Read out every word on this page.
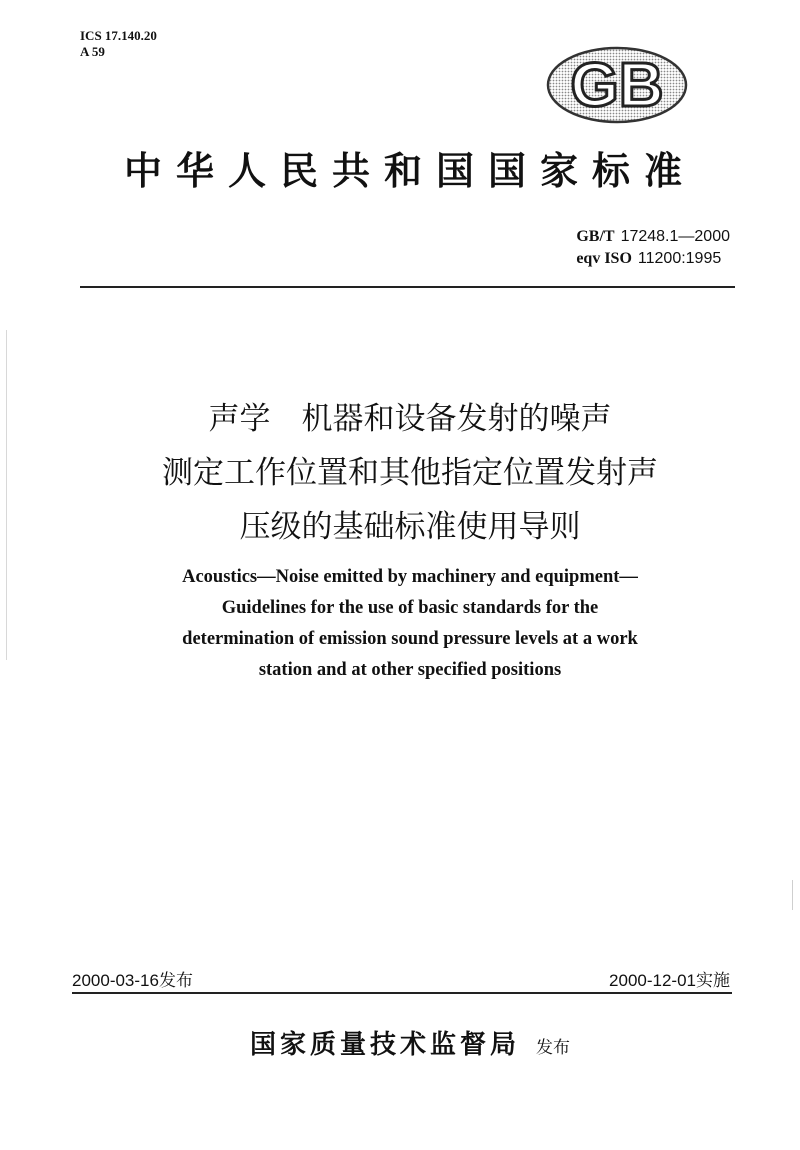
ICS 17.140.20
A 59	GB
中华人民共和国国家标准
GB/T 17248.1—2000
eqv ISO 11200:1995
声学　机器和设备发射的噪声
测定工作位置和其他指定位置发射声
压级的基础标准使用导则
Acoustics—Noise emitted by machinery and equipment—
Guidelines for the use of basic standards for the
determination of emission sound pressure levels at a work
station and at other specified positions
2000-03-16发布	2000-12-01实施
国家质量技术监督局 发布
